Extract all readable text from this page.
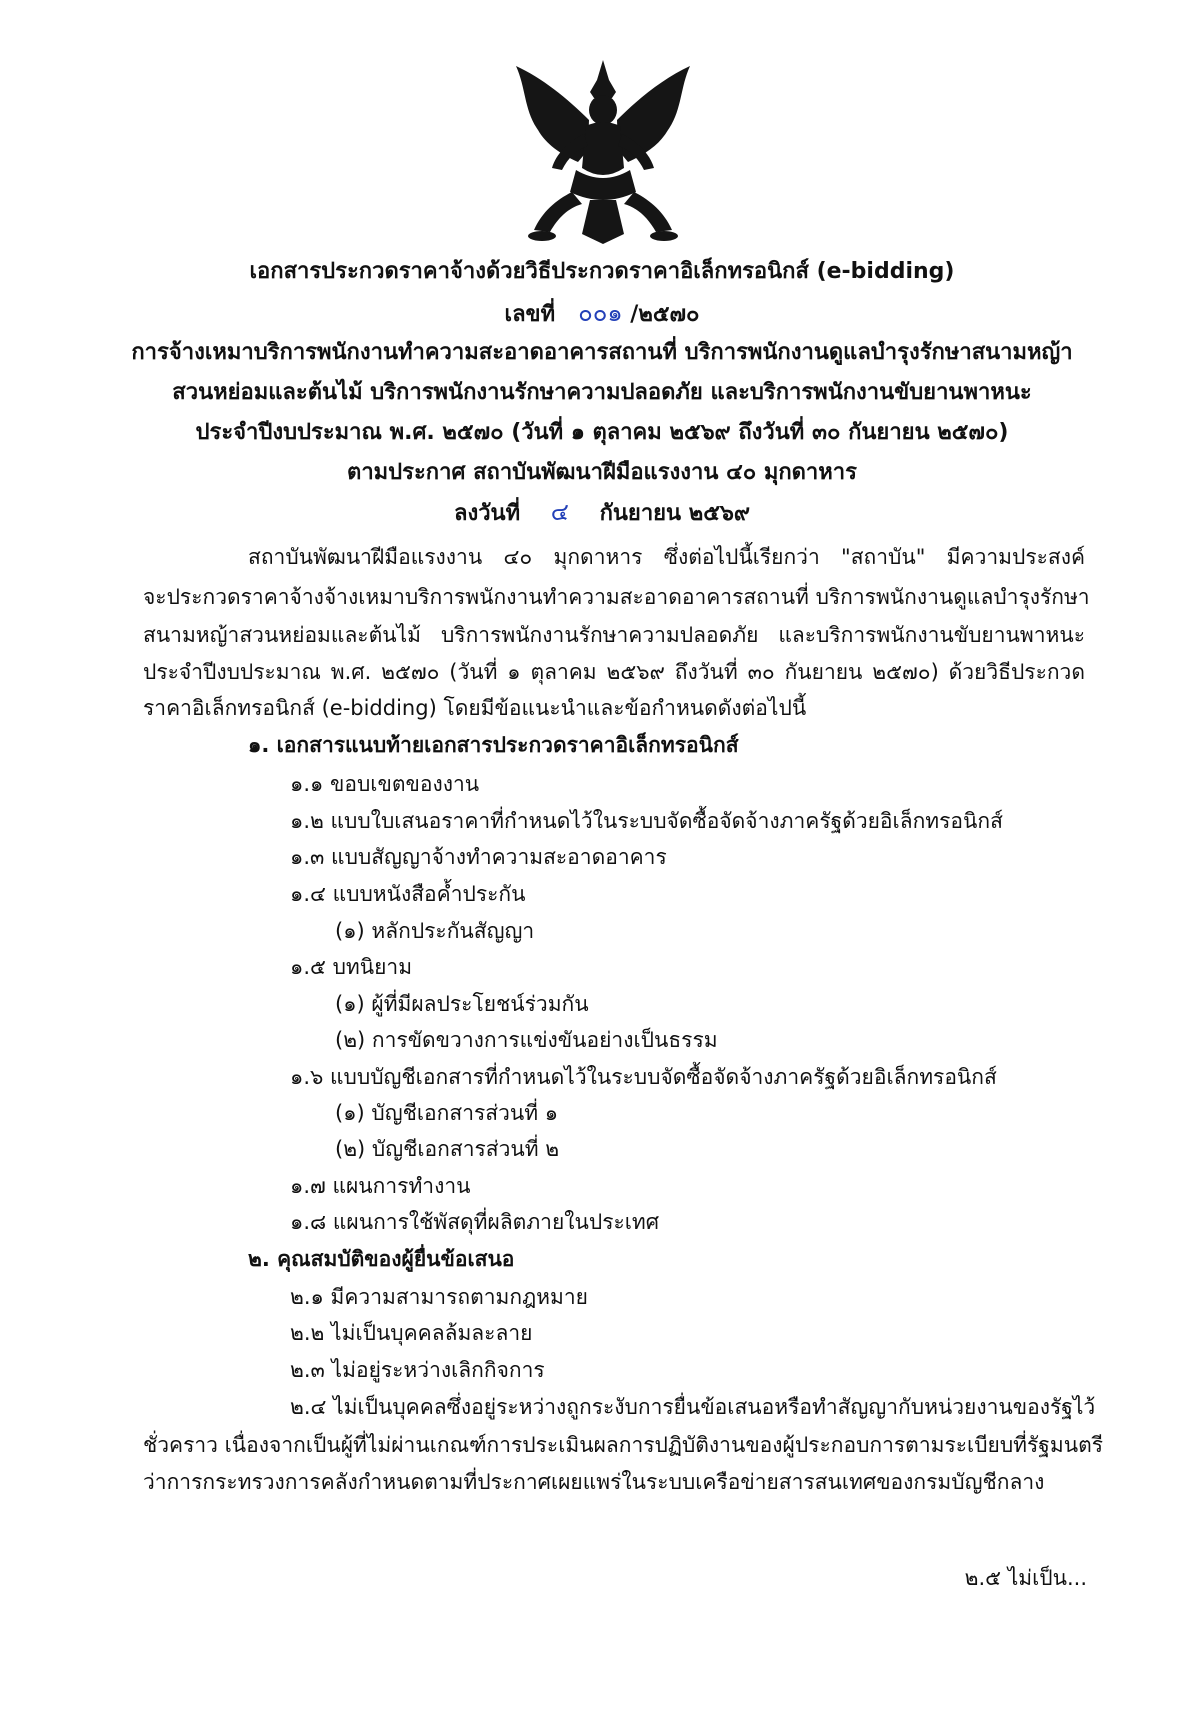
เอกสารประกวดราคาจ้างด้วยวิธีประกวดราคาอิเล็กทรอนิกส์ (e-bidding)
เลขที่ ๐๐๑ /๒๕๗๐
การจ้างเหมาบริการพนักงานทำความสะอาดอาคารสถานที่ บริการพนักงานดูแลบำรุงรักษาสนามหญ้า
สวนหย่อมและต้นไม้ บริการพนักงานรักษาความปลอดภัย และบริการพนักงานขับยานพาหนะ
ประจำปีงบประมาณ พ.ศ. ๒๕๗๐ (วันที่ ๑ ตุลาคม ๒๕๖๙ ถึงวันที่ ๓๐ กันยายน ๒๕๗๐)
ตามประกาศ สถาบันพัฒนาฝีมือแรงงาน ๔๐ มุกดาหาร
ลงวันที่ ๔ กันยายน ๒๕๖๙
สถาบันพัฒนาฝีมือแรงงาน ๔๐ มุกดาหาร ซึ่งต่อไปนี้เรียกว่า "สถาบัน" มีความประสงค์
จะประกวดราคาจ้างจ้างเหมาบริการพนักงานทำความสะอาดอาคารสถานที่ บริการพนักงานดูแลบำรุงรักษา
สนามหญ้าสวนหย่อมและต้นไม้ บริการพนักงานรักษาความปลอดภัย และบริการพนักงานขับยานพาหนะ
ประจำปีงบประมาณ พ.ศ. ๒๕๗๐ (วันที่ ๑ ตุลาคม ๒๕๖๙ ถึงวันที่ ๓๐ กันยายน ๒๕๗๐) ด้วยวิธีประกวด
ราคาอิเล็กทรอนิกส์ (e-bidding) โดยมีข้อแนะนำและข้อกำหนดดังต่อไปนี้
๑. เอกสารแนบท้ายเอกสารประกวดราคาอิเล็กทรอนิกส์
๑.๑ ขอบเขตของงาน
๑.๒ แบบใบเสนอราคาที่กำหนดไว้ในระบบจัดซื้อจัดจ้างภาครัฐด้วยอิเล็กทรอนิกส์
๑.๓ แบบสัญญาจ้างทำความสะอาดอาคาร
๑.๔ แบบหนังสือค้ำประกัน
(๑) หลักประกันสัญญา
๑.๕ บทนิยาม
(๑) ผู้ที่มีผลประโยชน์ร่วมกัน
(๒) การขัดขวางการแข่งขันอย่างเป็นธรรม
๑.๖ แบบบัญชีเอกสารที่กำหนดไว้ในระบบจัดซื้อจัดจ้างภาครัฐด้วยอิเล็กทรอนิกส์
(๑) บัญชีเอกสารส่วนที่ ๑
(๒) บัญชีเอกสารส่วนที่ ๒
๑.๗ แผนการทำงาน
๑.๘ แผนการใช้พัสดุที่ผลิตภายในประเทศ
๒. คุณสมบัติของผู้ยื่นข้อเสนอ
๒.๑ มีความสามารถตามกฎหมาย
๒.๒ ไม่เป็นบุคคลล้มละลาย
๒.๓ ไม่อยู่ระหว่างเลิกกิจการ
๒.๔ ไม่เป็นบุคคลซึ่งอยู่ระหว่างถูกระงับการยื่นข้อเสนอหรือทำสัญญากับหน่วยงานของรัฐไว้
ชั่วคราว เนื่องจากเป็นผู้ที่ไม่ผ่านเกณฑ์การประเมินผลการปฏิบัติงานของผู้ประกอบการตามระเบียบที่รัฐมนตรี
ว่าการกระทรวงการคลังกำหนดตามที่ประกาศเผยแพร่ในระบบเครือข่ายสารสนเทศของกรมบัญชีกลาง
๒.๕ ไม่เป็น...
